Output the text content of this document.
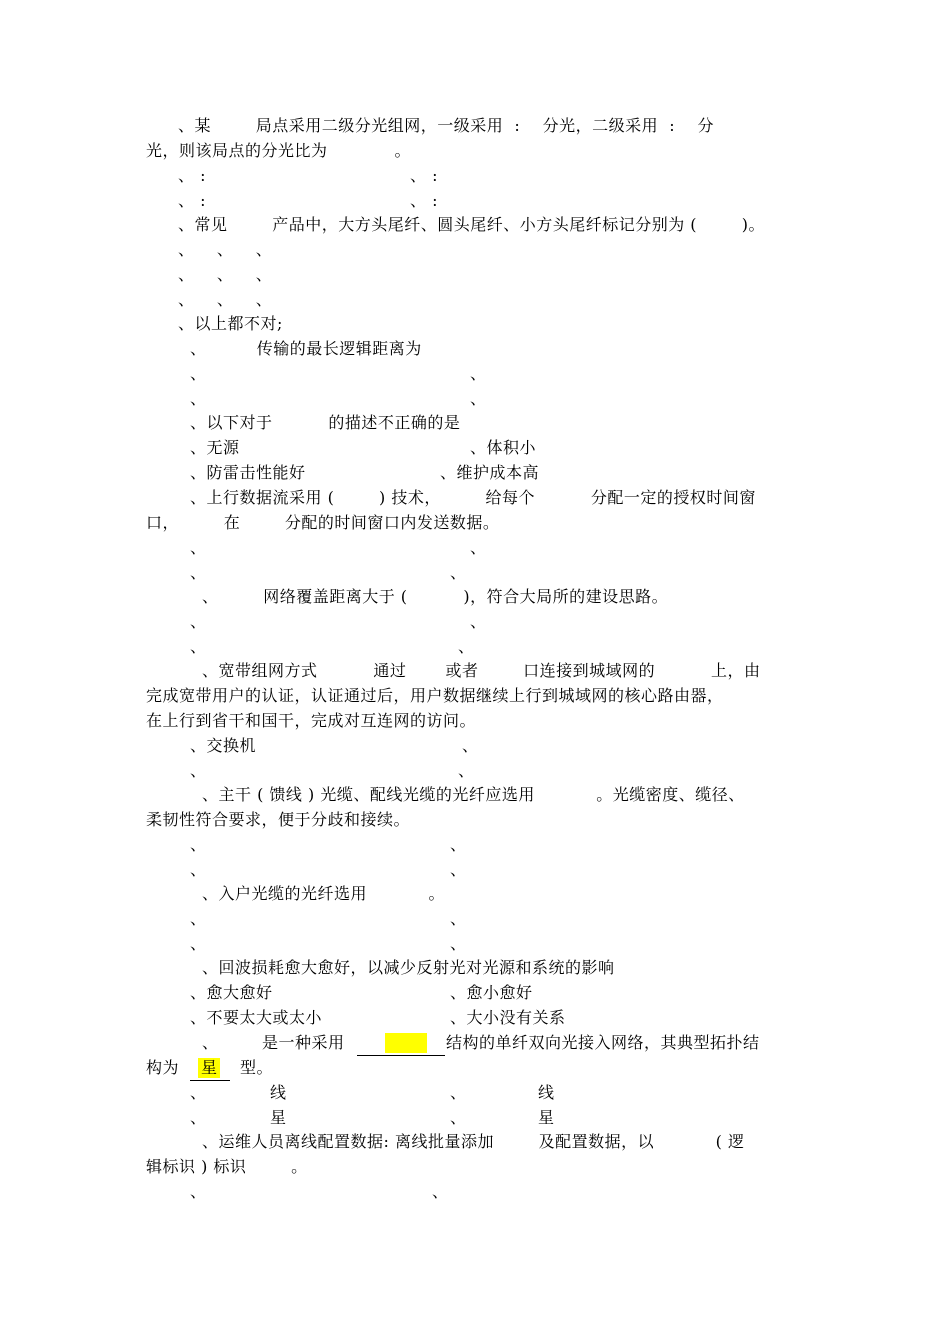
、某        局点采用二级分光组网，一级采用  :    分光，二级采用  :    分
光，则该局点的分光比为            。
、 :	、 :
、 :	、 :
、常见        产品中，大方头尾纤、圆头尾纤、小方头尾纤标记分别为 (        )。
、    、    、
、    、    、
、    、    、
、以上都不对;
、         传输的最长逻辑距离为
、	、
、	、
、以下对于          的描述不正确的是
、无源	、体积小
、防雷击性能好	、维护成本高
、上行数据流采用 (        ) 技术，        给每个          分配一定的授权时间窗
口，        在        分配的时间窗口内发送数据。
、	、
、	、
、        网络覆盖距离大于 (          )，符合大局所的建设思路。
、	、
、	、
、宽带组网方式          通过       或者        口连接到城域网的          上，由
完成宽带用户的认证，认证通过后，用户数据继续上行到城域网的核心路由器，
在上行到省干和国干，完成对互连网的访问。
、交换机	、
、	、
、主干 ( 馈线 ) 光缆、配线光缆的光纤应选用           。光缆密度、缆径、
柔韧性符合要求，便于分歧和接续。
、	、
、	、
、入户光缆的光纤选用           。
、	、
、	、
、回波损耗愈大愈好，以减少反射光对光源和系统的影响
、愈大愈好	、愈小愈好
、不要太大或太小	、大小没有关系
、	是一种采用	结构的单纤双向光接入网络，其典型拓扑结
构为 星 型。
、	线	、	线
、	星	、	星
、运维人员离线配置数据: 离线批量添加        及配置数据，以           ( 逻
辑标识 ) 标识        。
、	、
